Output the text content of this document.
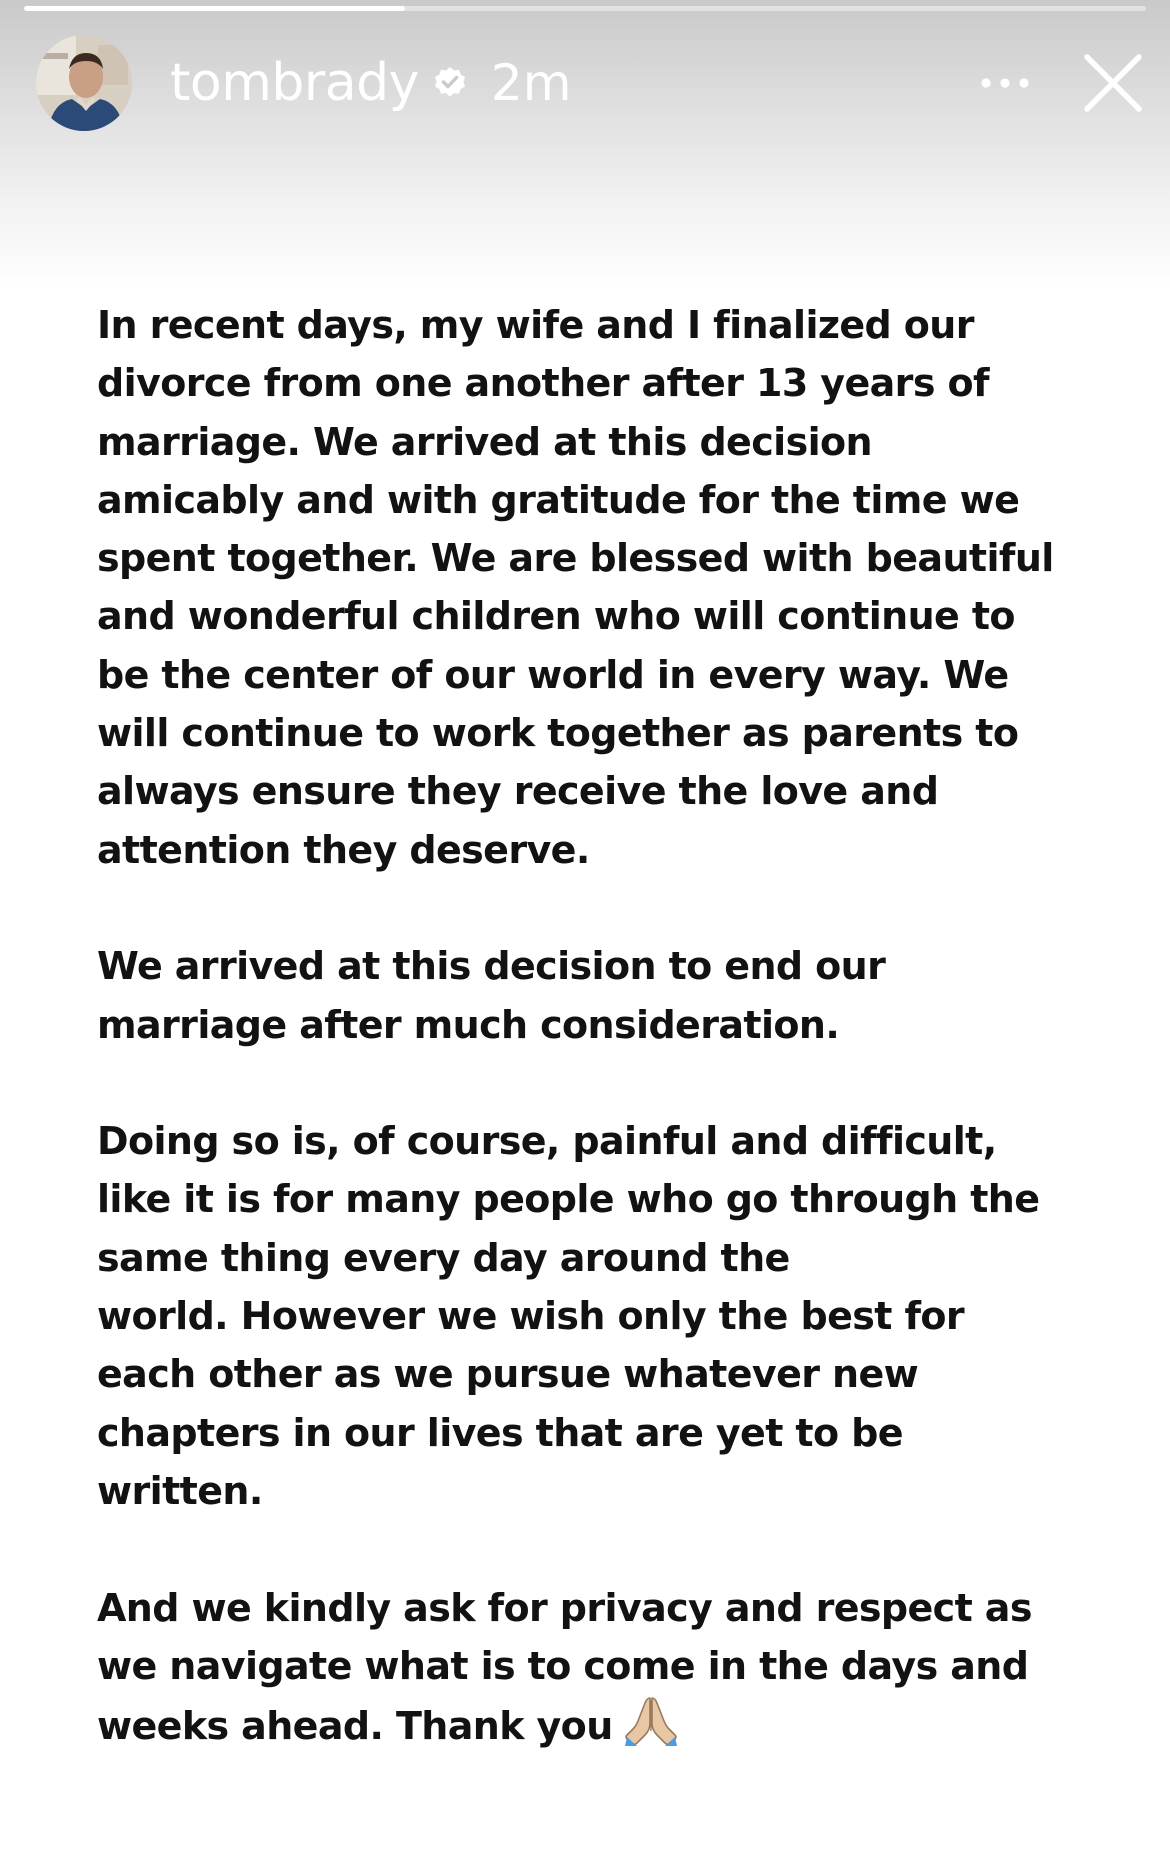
tombrady 2m
In recent days, my wife and I finalized our
divorce from one another after 13 years of
marriage. We arrived at this decision
amicably and with gratitude for the time we
spent together. We are blessed with beautiful
and wonderful children who will continue to
be the center of our world in every way. We
will continue to work together as parents to
always ensure they receive the love and
attention they deserve.
We arrived at this decision to end our
marriage after much consideration.
Doing so is, of course, painful and difficult,
like it is for many people who go through the
same thing every day around the
world. However we wish only the best for
each other as we pursue whatever new
chapters in our lives that are yet to be
written.
And we kindly ask for privacy and respect as
we navigate what is to come in the days and
weeks ahead. Thank you
